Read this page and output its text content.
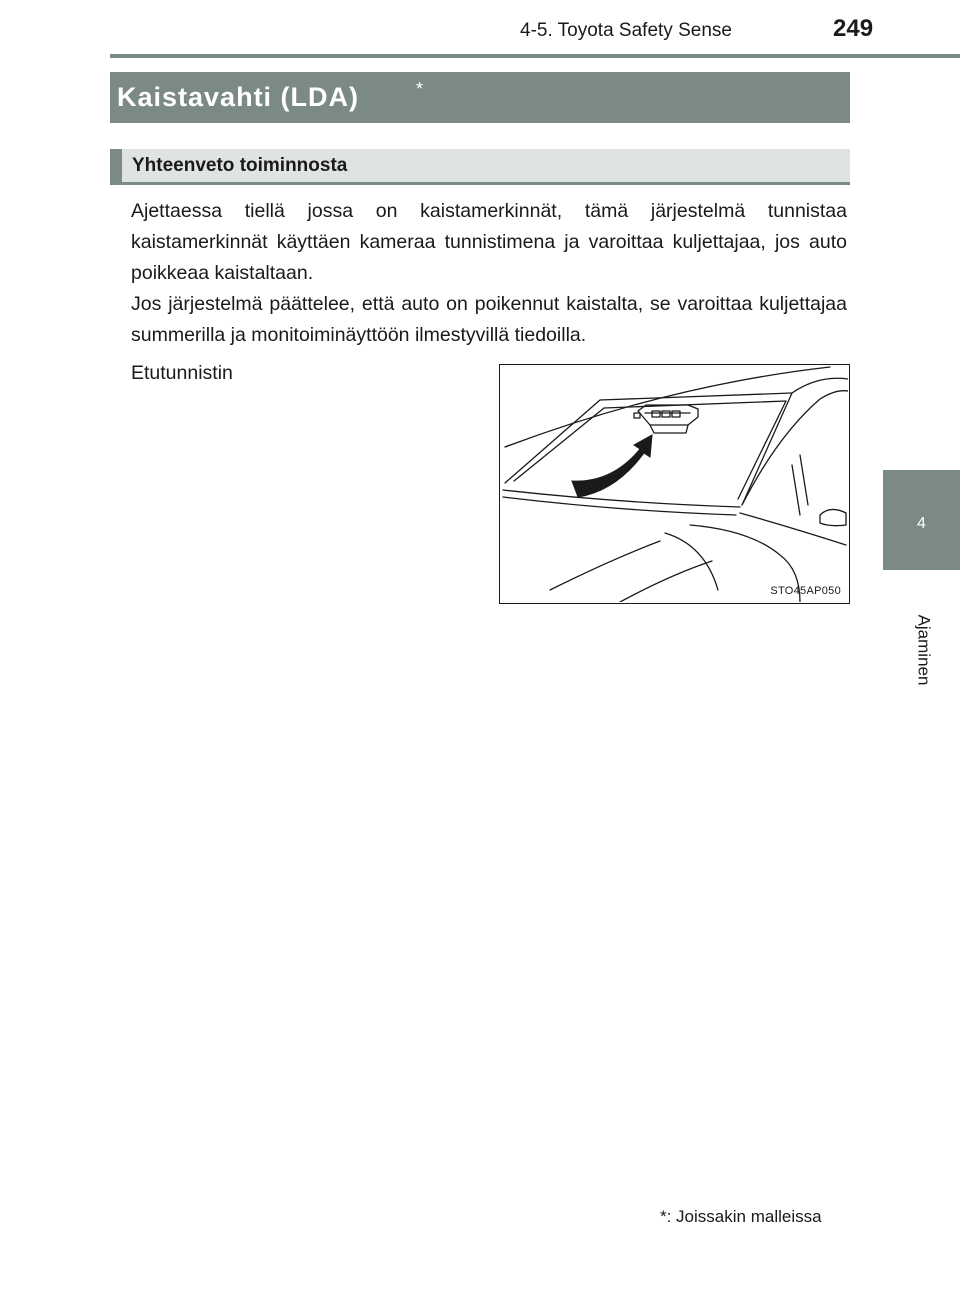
4-5. Toyota Safety Sense	249
4
Ajaminen
Kaistavahti (LDA)	*
Yhteenveto toiminnosta

Ajettaessa tiellä jossa on kaistamerkinnät, tämä järjestelmä tunnistaa kaistamerkinnät käyttäen kameraa tunnistimena ja varoittaa kuljettajaa, jos auto poikkeaa kaistaltaan.

Jos järjestelmä päättelee, että auto on poikennut kaistalta, se varoittaa kuljettajaa summerilla ja monitoiminäyttöön ilmestyvillä tiedoilla.

Etutunnistin
STO45AP050
*: Joissakin malleissa
